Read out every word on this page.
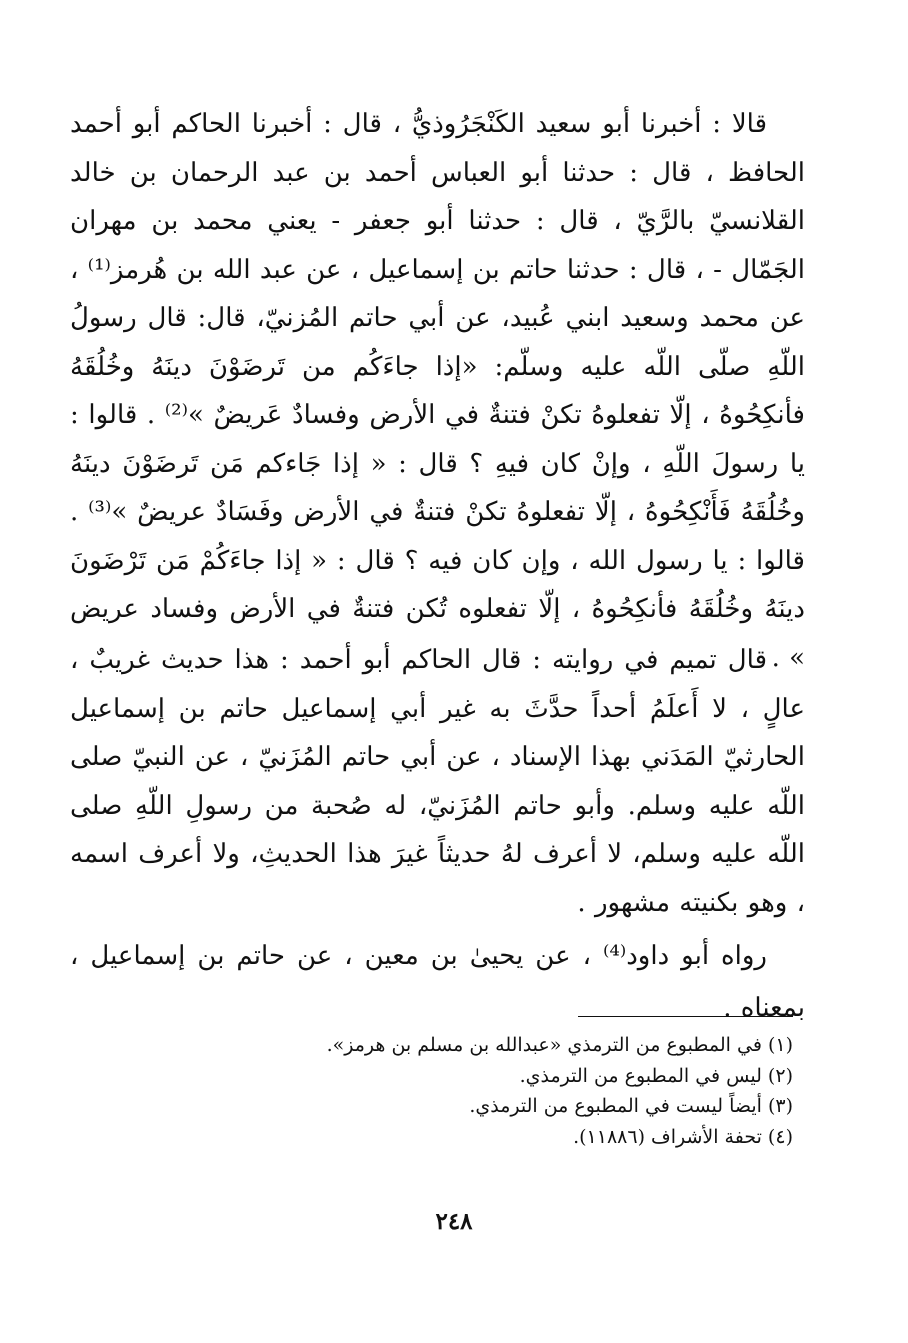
قالا : أخبرنا أبو سعيد الكَنْجَرُوذيُّ ، قال : أخبرنا الحاكم أبو أحمد الحافظ ، قال : حدثنا أبو العباس أحمد بن عبد الرحمان بن خالد القلانسيّ بالرَّيّ ، قال : حدثنا أبو جعفر - يعني محمد بن مهران الجَمّال - ، قال : حدثنا حاتم بن إسماعيل ، عن عبد الله بن هُرمز⁽¹⁾ ، عن محمد وسعيد ابني عُبيد، عن أبي حاتم المُزنيّ، قال: قال رسولُ اللّهِ صلّى اللّه عليه وسلّم: «إذا جاءَكُم من تَرضَوْنَ دينَهُ وخُلُقَهُ فأنكِحُوهُ ، إلّا تفعلوهُ تكنْ فتنةٌ في الأرض وفسادٌ عَريضٌ »⁽²⁾ . قالوا : يا رسولَ اللّهِ ، وإنْ كان فيهِ ؟ قال : « إذا جَاءكم مَن تَرضَوْنَ دينَهُ وخُلُقَهُ فَأَنْكِحُوهُ ، إلّا تفعلوهُ تكنْ فتنةٌ في الأرض وفَسَادٌ عريضٌ »⁽³⁾ . قالوا : يا رسول الله ، وإن كان فيه ؟ قال : « إذا جاءَكُمْ مَن تَرْضَونَ دينَهُ وخُلُقَهُ فأنكِحُوهُ ، إلّا تفعلوه تُكن فتنةٌ في الأرض وفساد عريض » .

قال تميم في روايته : قال الحاكم أبو أحمد : هذا حديث غريبٌ ، عالٍ ، لا أَعلَمُ أحداً حدَّثَ به غير أبي إسماعيل حاتم بن إسماعيل الحارثيّ المَدَني بهذا الإسناد ، عن أبي حاتم المُزَنيّ ، عن النبيّ صلى اللّه عليه وسلم. وأبو حاتم المُزَنيّ، له صُحبة من رسولِ اللّهِ صلى اللّه عليه وسلم، لا أعرف لهُ حديثاً غيرَ هذا الحديثِ، ولا أعرف اسمه ، وهو بكنيته مشهور .

رواه أبو داود⁽⁴⁾ ، عن يحيىٰ بن معين ، عن حاتم بن إسماعيل ، بمعناه .

(١) في المطبوع من الترمذي «عبدالله بن مسلم بن هرمز».
(٢) ليس في المطبوع من الترمذي.
(٣) أيضاً ليست في المطبوع من الترمذي.
(٤) تحفة الأشراف (١١٨٨٦).
٢٤٨
